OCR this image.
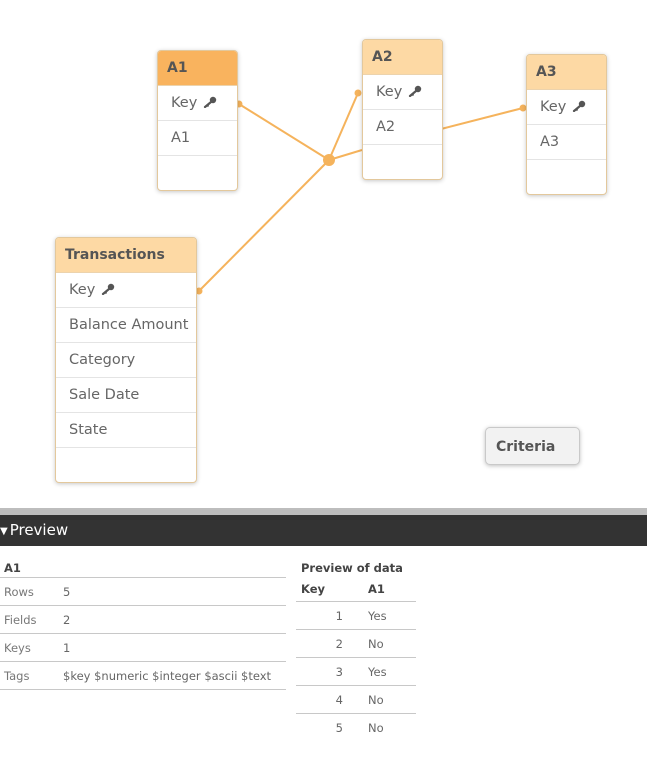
A1
Key
A1
A2
Key
A2
A3
Key
A3
Transactions
Key
Balance Amount
Category
Sale Date
State
Criteria
▼ Preview
A1
Rows	5
Fields 2
Keys	1
Tags	$key $numeric $integer $ascii $text
Preview of data
Key	A1
1	Yes
2	No
3	Yes
4	No
5	No
